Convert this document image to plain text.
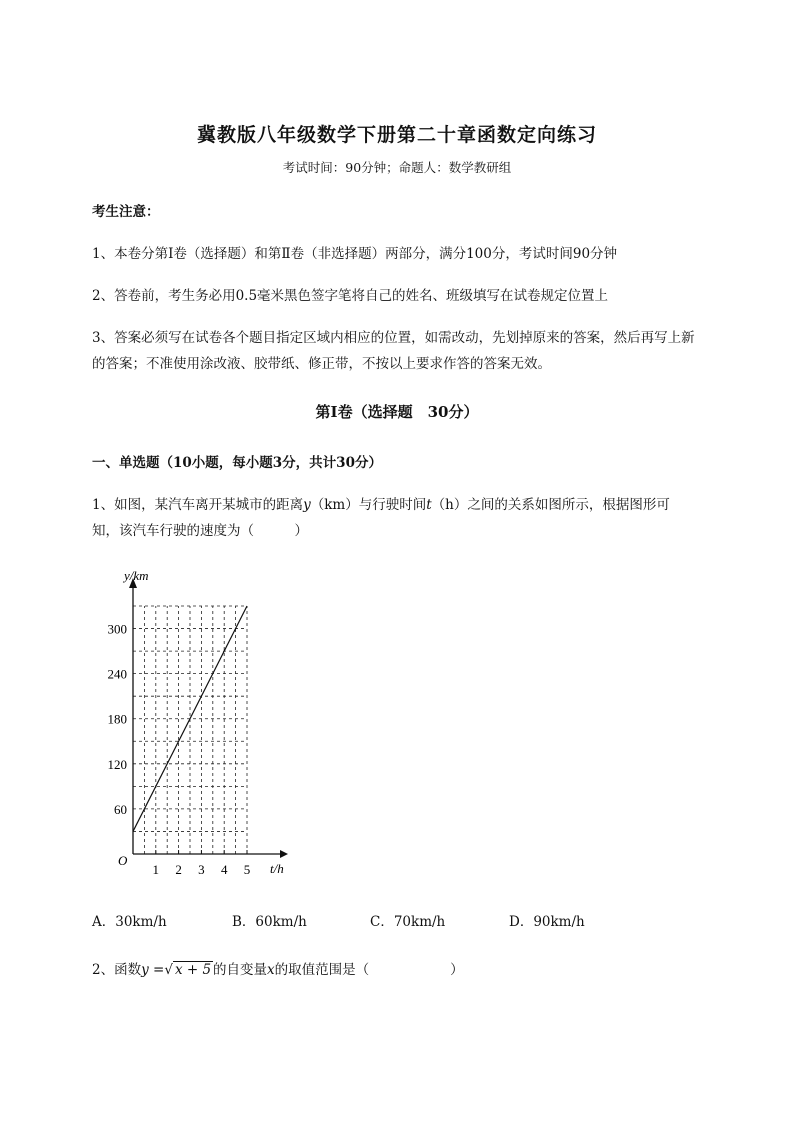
冀教版八年级数学下册第二十章函数定向练习
考试时间：90分钟；命题人：数学教研组
考生注意：
1、本卷分第Ⅰ卷（选择题）和第Ⅱ卷（非选择题）两部分，满分100分，考试时间90分钟
2、答卷前，考生务必用0.5毫米黑色签字笔将自己的姓名、班级填写在试卷规定位置上
3、答案必须写在试卷各个题目指定区域内相应的位置，如需改动，先划掉原来的答案，然后再写上新
的答案；不准使用涂改液、胶带纸、修正带，不按以上要求作答的答案无效。
第Ⅰ卷（选择题　30分）
一、单选题（10小题，每小题3分，共计30分）
1、如图，某汽车离开某城市的距离y（km）与行驶时间t（h）之间的关系如图所示，根据图形可
知，该汽车行驶的速度为（　　　）
1 2 3 4 5
60
120
180
240
300
y/km
t/h
O
A．30km/h	B．60km/h	C．70km/h	D．90km/h
2、函数y =√ x + 5 的自变量x的取值范围是（　　　　　　）
